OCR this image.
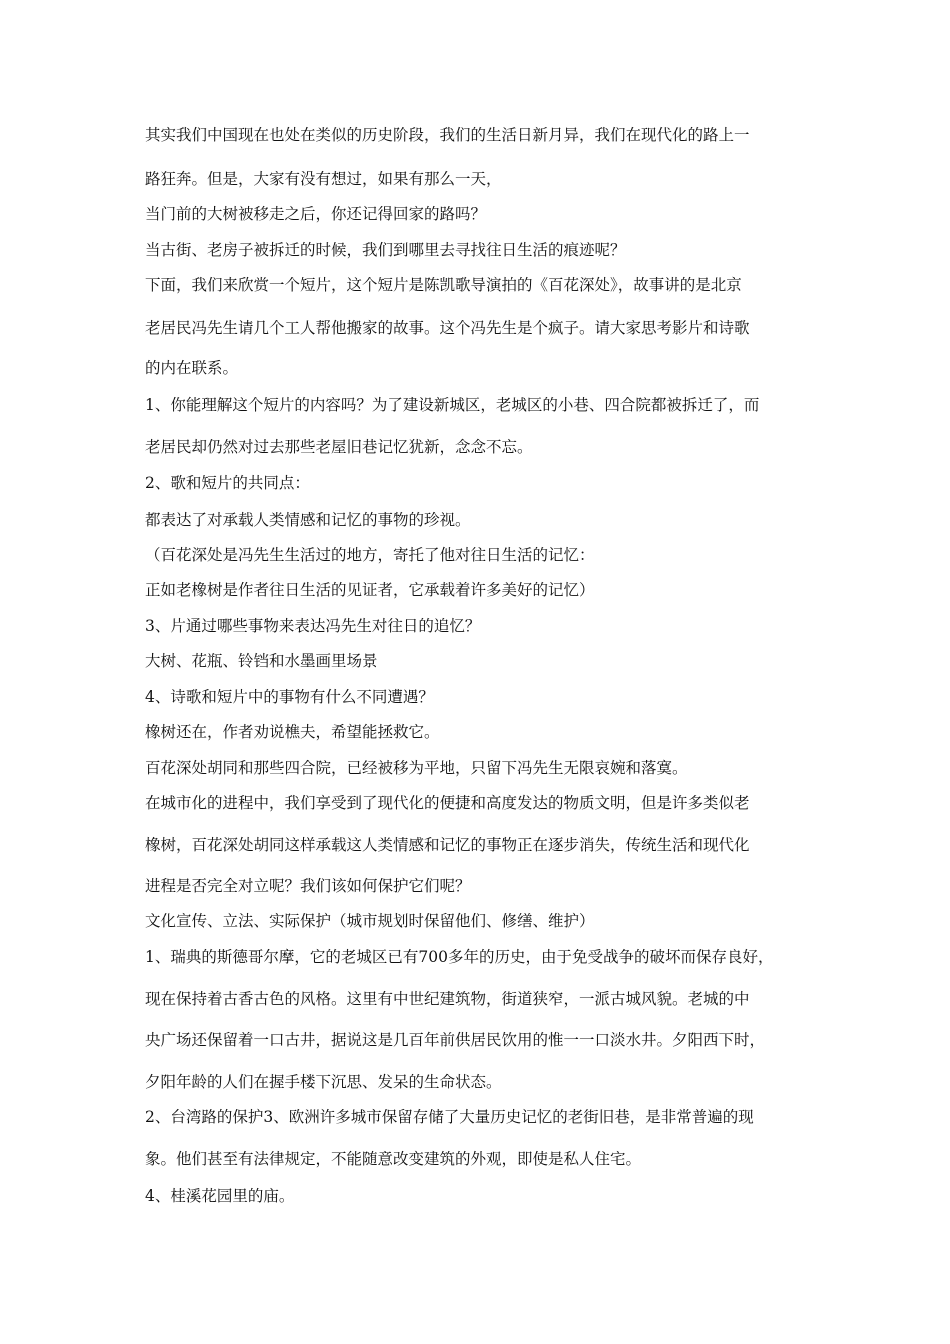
其实我们中国现在也处在类似的历史阶段，我们的生活日新月异，我们在现代化的路上一
路狂奔。但是，大家有没有想过，如果有那么一天，
当门前的大树被移走之后，你还记得回家的路吗？
当古街、老房子被拆迁的时候，我们到哪里去寻找往日生活的痕迹呢？
下面，我们来欣赏一个短片，这个短片是陈凯歌导演拍的《百花深处》，故事讲的是北京
老居民冯先生请几个工人帮他搬家的故事。这个冯先生是个疯子。请大家思考影片和诗歌
的内在联系。
1、你能理解这个短片的内容吗？为了建设新城区，老城区的小巷、四合院都被拆迁了，而
老居民却仍然对过去那些老屋旧巷记忆犹新，念念不忘。
2、歌和短片的共同点：
都表达了对承载人类情感和记忆的事物的珍视。
（百花深处是冯先生生活过的地方，寄托了他对往日生活的记忆：
正如老橡树是作者往日生活的见证者，它承载着许多美好的记忆）
3、片通过哪些事物来表达冯先生对往日的追忆？
大树、花瓶、铃铛和水墨画里场景
4、诗歌和短片中的事物有什么不同遭遇？
橡树还在，作者劝说樵夫，希望能拯救它。
百花深处胡同和那些四合院，已经被移为平地，只留下冯先生无限哀婉和落寞。
在城市化的进程中，我们享受到了现代化的便捷和高度发达的物质文明，但是许多类似老
橡树，百花深处胡同这样承载这人类情感和记忆的事物正在逐步消失，传统生活和现代化
进程是否完全对立呢？我们该如何保护它们呢？
文化宣传、立法、实际保护（城市规划时保留他们、修缮、维护）
1、瑞典的斯德哥尔摩，它的老城区已有700多年的历史，由于免受战争的破坏而保存良好，
现在保持着古香古色的风格。这里有中世纪建筑物，街道狭窄，一派古城风貌。老城的中
央广场还保留着一口古井，据说这是几百年前供居民饮用的惟一一口淡水井。夕阳西下时，
夕阳年龄的人们在握手楼下沉思、发呆的生命状态。
2、台湾路的保护3、欧洲许多城市保留存储了大量历史记忆的老街旧巷，是非常普遍的现
象。他们甚至有法律规定，不能随意改变建筑的外观，即使是私人住宅。
4、桂溪花园里的庙。
